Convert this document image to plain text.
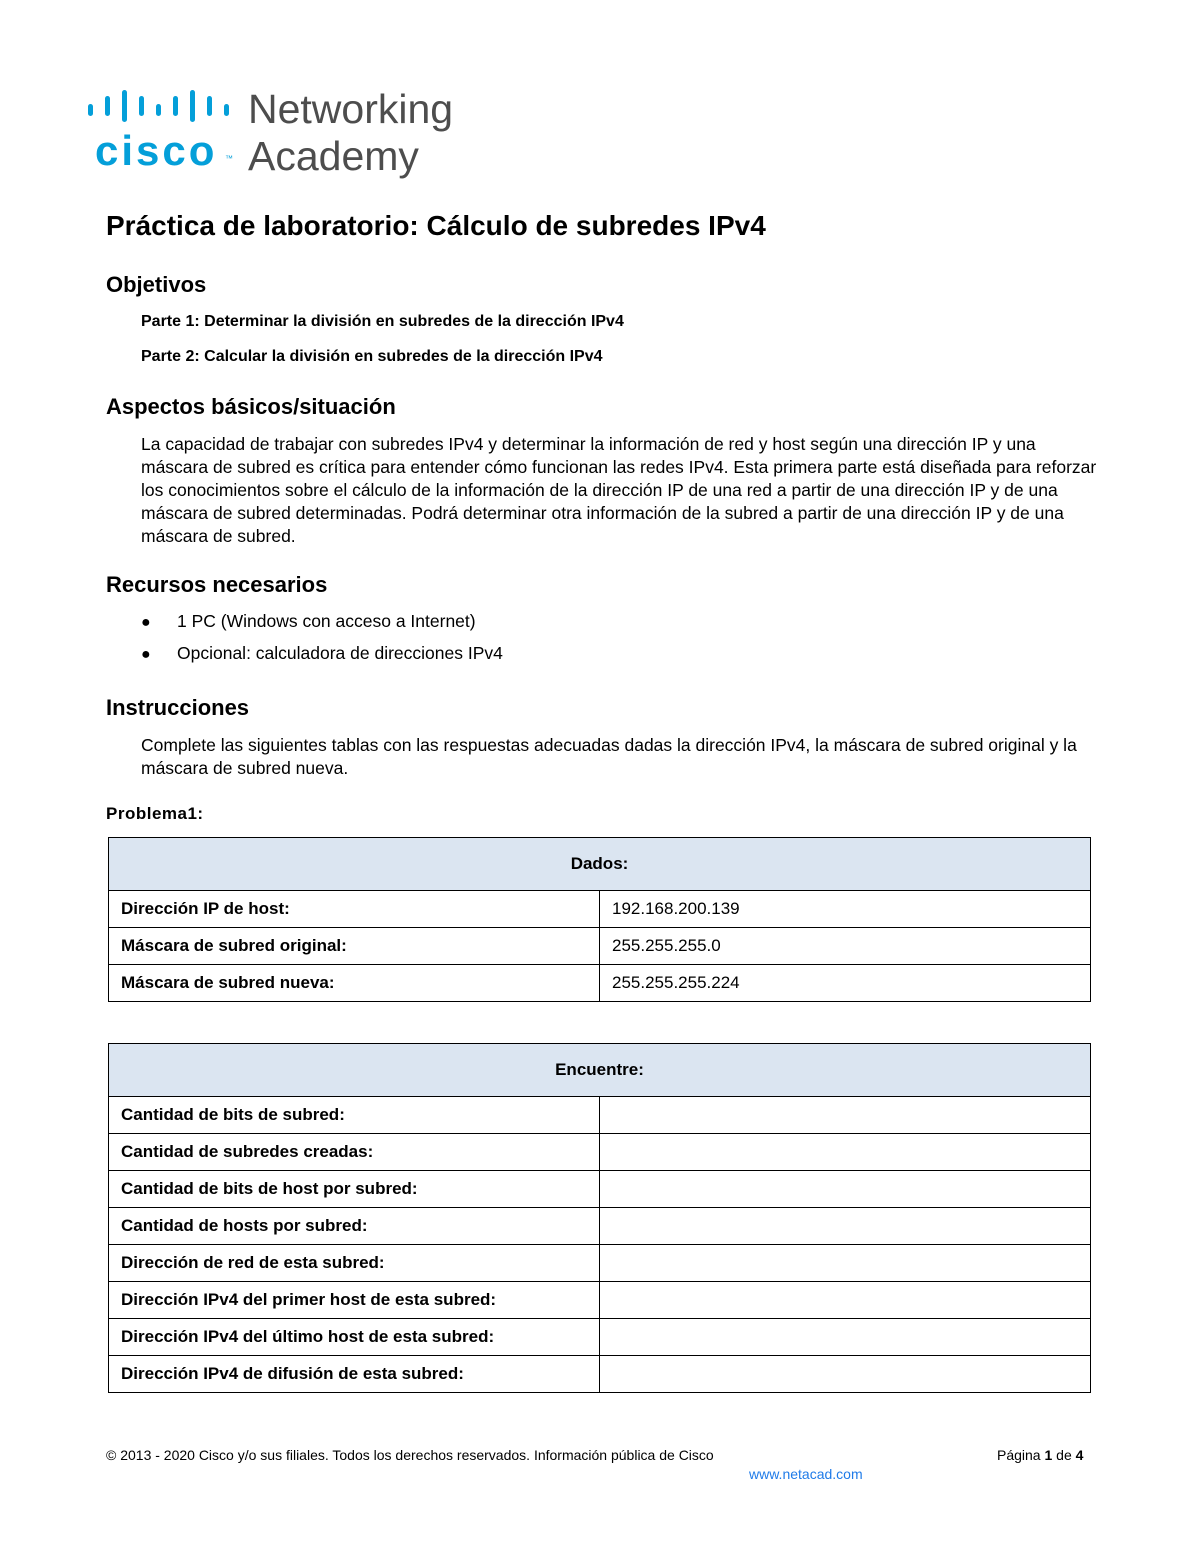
cisco ™
Networking
Academy
Práctica de laboratorio: Cálculo de subredes IPv4
Objetivos
Parte 1: Determinar la división en subredes de la dirección IPv4
Parte 2: Calcular la división en subredes de la dirección IPv4
Aspectos básicos/situación
La capacidad de trabajar con subredes IPv4 y determinar la información de red y host según una dirección IP y una máscara de subred es crítica para entender cómo funcionan las redes IPv4. Esta primera parte está diseñada para reforzar los conocimientos sobre el cálculo de la información de la dirección IP de una red a partir de una dirección IP y de una máscara de subred determinadas. Podrá determinar otra información de la subred a partir de una dirección IP y de una máscara de subred.
Recursos necesarios
● 1 PC (Windows con acceso a Internet)
● Opcional: calculadora de direcciones IPv4
Instrucciones
Complete las siguientes tablas con las respuestas adecuadas dadas la dirección IPv4, la máscara de subred original y la máscara de subred nueva.
Problema1:
Dados:	
Dirección IP de host:	192.168.200.139
Máscara de subred original:	255.255.255.0
Máscara de subred nueva:	255.255.255.224
Encuentre:	
Cantidad de bits de subred:	
Cantidad de subredes creadas:	
Cantidad de bits de host por subred:	
Cantidad de hosts por subred:	
Dirección de red de esta subred:	
Dirección IPv4 del primer host de esta subred:	
Dirección IPv4 del último host de esta subred:	
Dirección IPv4 de difusión de esta subred:	
© 2013 - 2020 Cisco y/o sus filiales. Todos los derechos reservados. Información pública de Cisco	Página 1 de 4
www.netacad.com
